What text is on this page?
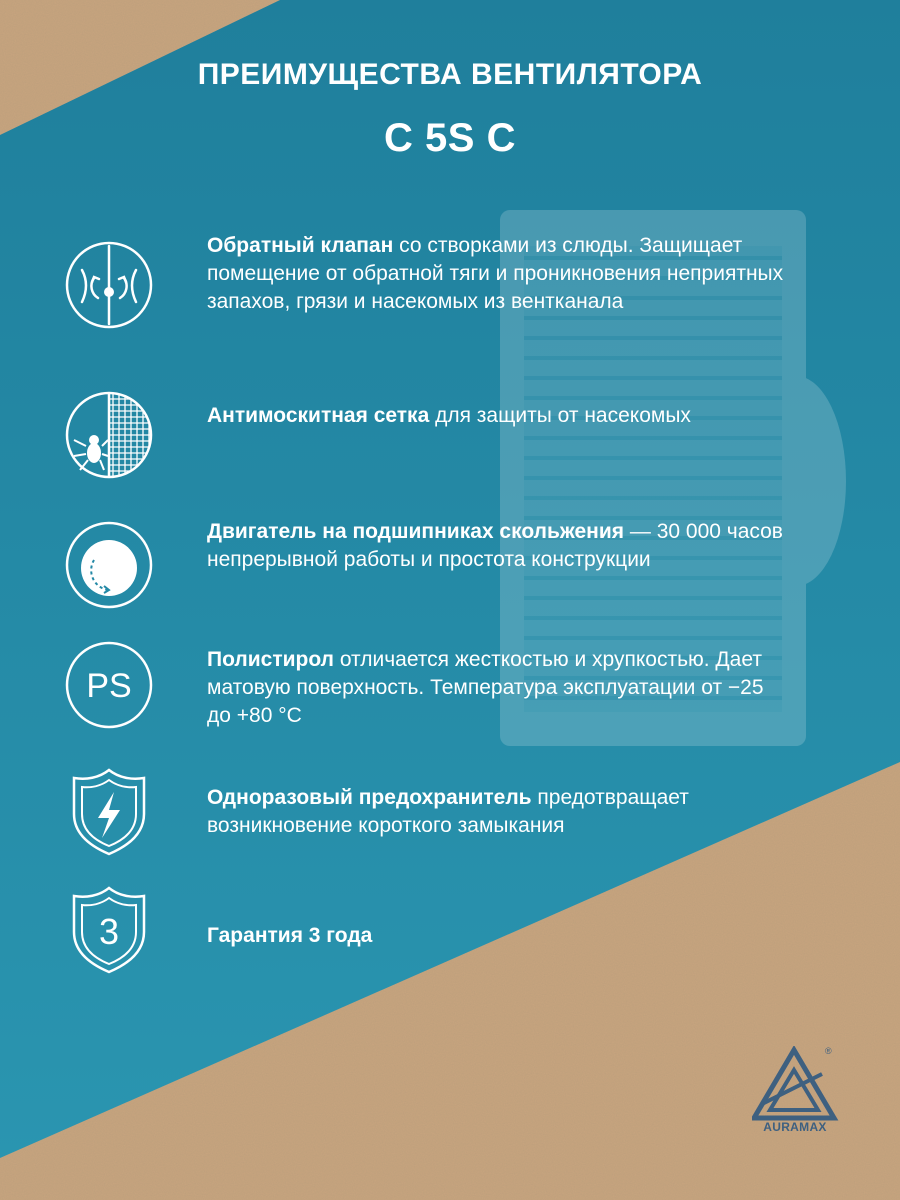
ПРЕИМУЩЕСТВА ВЕНТИЛЯТОРА
C 5S C
Обратный клапан со створками из слюды. Защищает помещение от обратной тяги и проникновения неприятных запахов, грязи и насекомых из вентканала
Антимоскитная сетка для защиты от насекомых
Двигатель на подшипниках скольжения — 30 000 часов непрерывной работы и простота конструкции
PS
Полистирол отличается жесткостью и хрупкостью. Дает матовую поверхность. Температура эксплуатации от −25 до +80 °C
Одноразовый предохранитель предотвращает возникновение короткого замыкания
3	Гарантия 3 года
®
AURAMAX
